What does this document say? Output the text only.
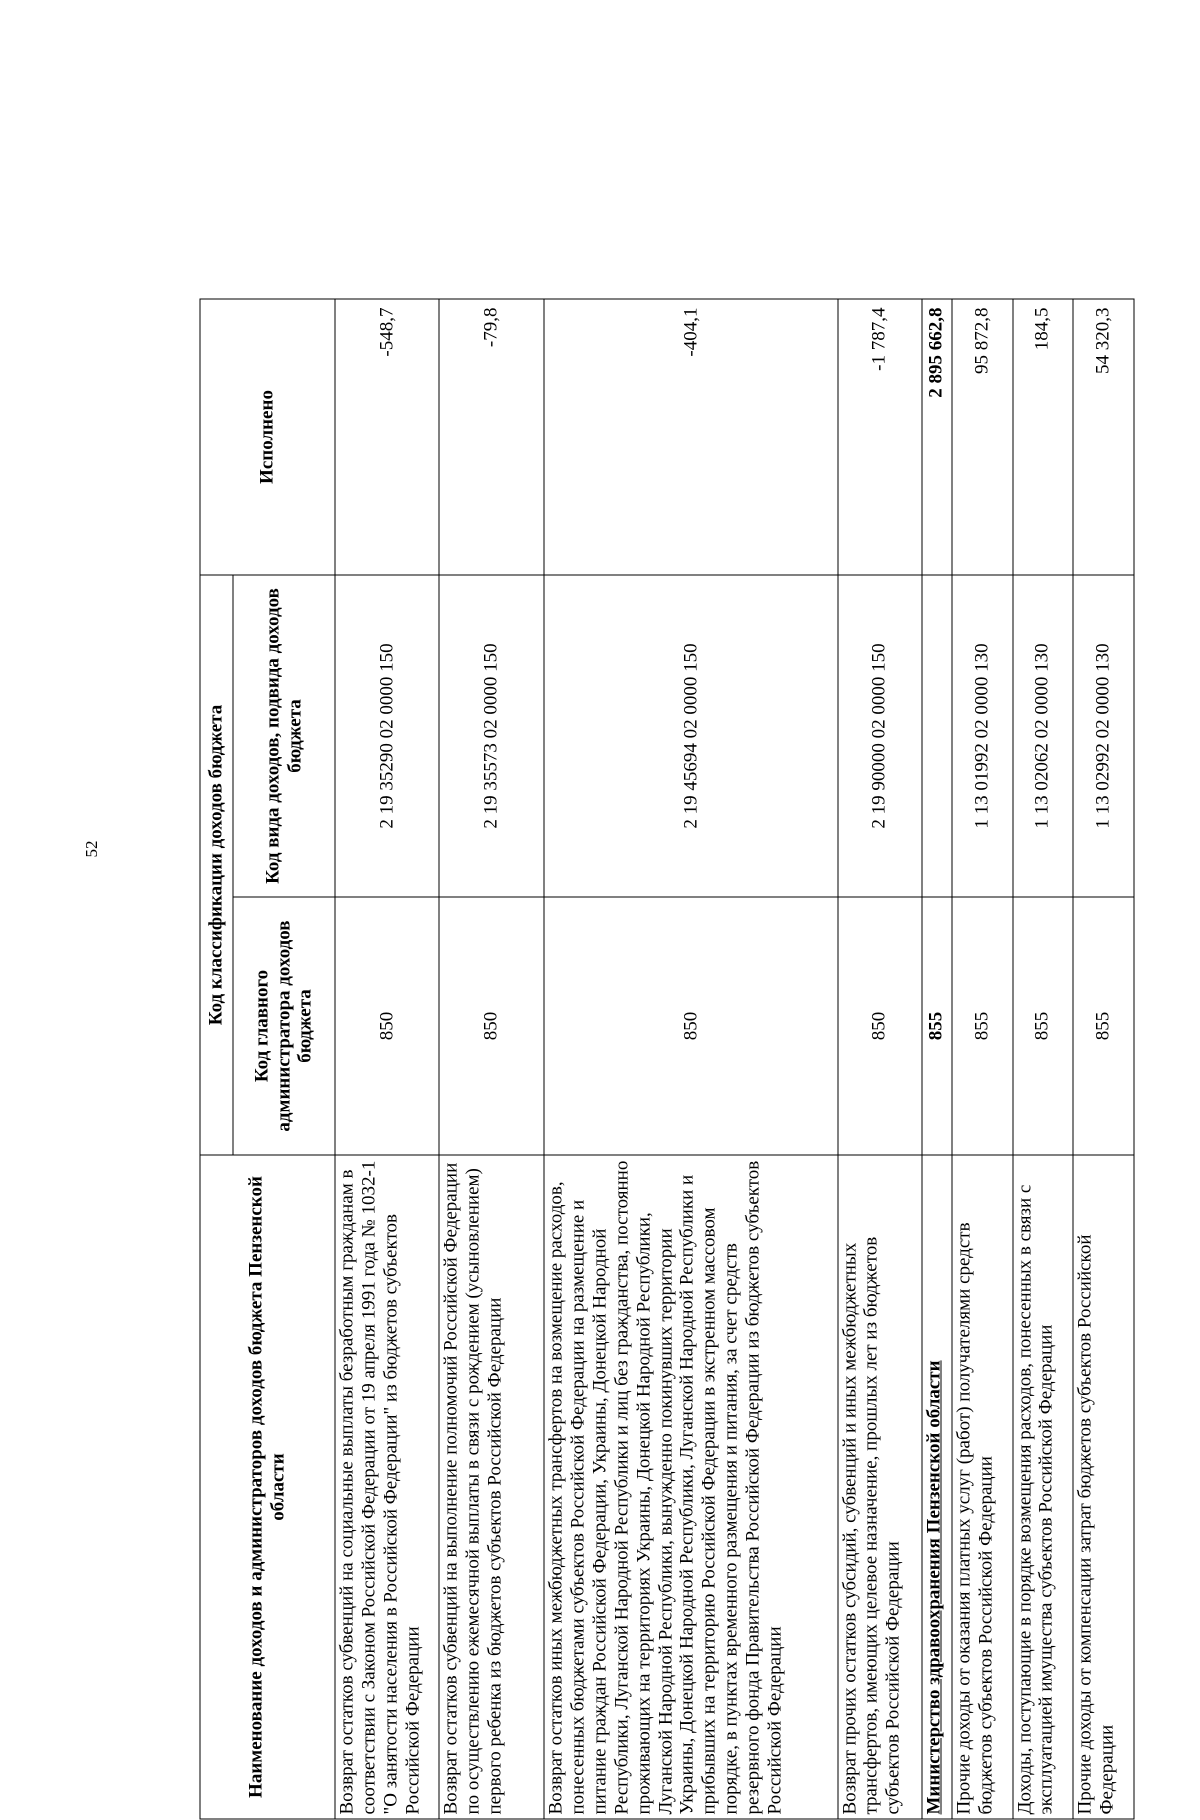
52
Наименование доходов и администраторов доходов бюджета Пензенской области	Код классификации доходов бюджета		Исполнено
	Код главного администратора доходов бюджета	Код вида доходов, подвида доходов бюджета	
Возврат остатков субвенций на социальные выплаты безработным гражданам в соответствии с Законом Российской Федерации от 19 апреля 1991 года № 1032-1 "О занятости населения в Российской Федерации" из бюджетов субъектов Российской Федерации	850	2 19 35290 02 0000 150	-548,7
Возврат остатков субвенций на выполнение полномочий Российской Федерации по осуществлению ежемесячной выплаты в связи с рождением (усыновлением) первого ребенка из бюджетов субъектов Российской Федерации	850	2 19 35573 02 0000 150	-79,8
Возврат остатков иных межбюджетных трансфертов на возмещение расходов, понесенных бюджетами субъектов Российской Федерации на размещение и питание граждан Российской Федерации, Украины, Донецкой Народной Республики, Луганской Народной Республики и лиц без гражданства, постоянно проживающих на территориях Украины, Донецкой Народной Республики, Луганской Народной Республики, вынужденно покинувших территории Украины, Донецкой Народной Республики, Луганской Народной Республики и прибывших на территорию Российской Федерации в экстренном массовом порядке, в пунктах временного размещения и питания, за счет средств резервного фонда Правительства Российской Федерации из бюджетов субъектов Российской Федерации	850	2 19 45694 02 0000 150	-404,1
Возврат прочих остатков субсидий, субвенций и иных межбюджетных трансфертов, имеющих целевое назначение, прошлых лет из бюджетов субъектов Российской Федерации	850	2 19 90000 02 0000 150	-1 787,4
Министерство здравоохранения Пензенской области	855		2 895 662,8
Прочие доходы от оказания платных услуг (работ) получателями средств бюджетов субъектов Российской Федерации	855	1 13 01992 02 0000 130	95 872,8
Доходы, поступающие в порядке возмещения расходов, понесенных в связи с эксплуатацией имущества субъектов Российской Федерации	855	1 13 02062 02 0000 130	184,5
Прочие доходы от компенсации затрат бюджетов субъектов Российской Федерации	855	1 13 02992 02 0000 130	54 320,3
